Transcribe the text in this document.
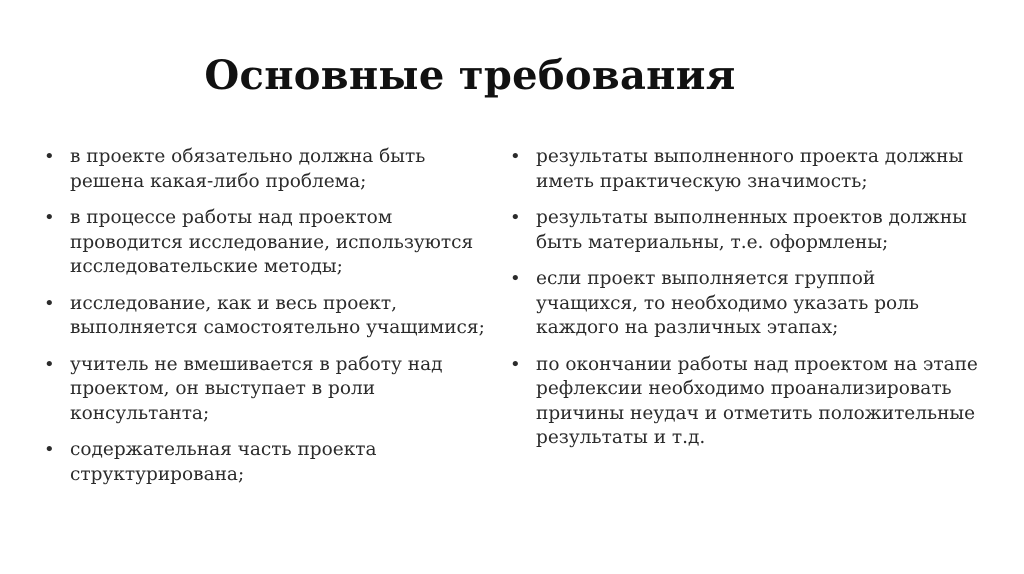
Основные требования
• в проекте обязательно должна быть решена какая-либо проблема;
• в процессе работы над проектом проводится исследование, используются исследовательские методы;
• исследование, как и весь проект, выполняется самостоятельно учащимися;
• учитель не вмешивается в работу над проектом, он выступает в роли консультанта;
• содержательная часть проекта структурирована;
• результаты выполненного проекта должны иметь практическую значимость;
• результаты выполненных проектов должны быть материальны, т.е. оформлены;
• если проект выполняется группой учащихся, то необходимо указать роль каждого на различных этапах;
• по окончании работы над проектом на этапе рефлексии необходимо проанализировать причины неудач и отметить положительные результаты и т.д.
